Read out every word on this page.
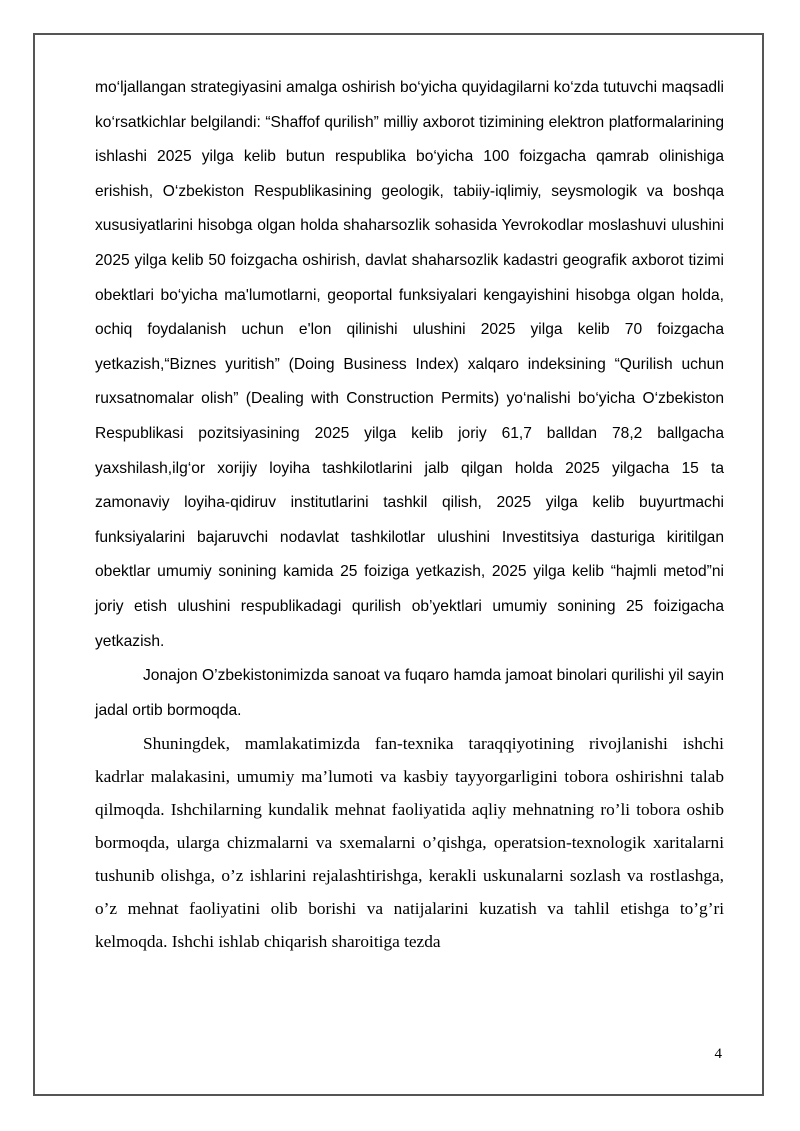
mo‘ljallangan strategiyasini amalga oshirish bo‘yicha quyidagilarni ko‘zda tutuvchi maqsadli ko‘rsatkichlar belgilandi: “Shaffof qurilish” milliy axborot tizimining elektron platformalarining ishlashi 2025 yilga kelib butun respublika bo‘yicha 100 foizgacha qamrab olinishiga erishish, O‘zbekiston Respublikasining geologik, tabiiy-iqlimiy, seysmologik va boshqa xususiyatlarini hisobga olgan holda shaharsozlik sohasida Yevrokodlar moslashuvi ulushini 2025 yilga kelib 50 foizgacha oshirish, davlat shaharsozlik kadastri geografik axborot tizimi obektlari bo‘yicha ma'lumotlarni, geoportal funksiyalari kengayishini hisobga olgan holda, ochiq foydalanish uchun e'lon qilinishi ulushini 2025 yilga kelib 70 foizgacha yetkazish,“Biznes yuritish” (Doing Business Index) xalqaro indeksining “Qurilish uchun ruxsatnomalar olish” (Dealing with Construction Permits) yo‘nalishi bo‘yicha O‘zbekiston Respublikasi pozitsiyasining 2025 yilga kelib joriy 61,7 balldan 78,2 ballgacha yaxshilash,ilg‘or xorijiy loyiha tashkilotlarini jalb qilgan holda 2025 yilgacha 15 ta zamonaviy loyiha-qidiruv institutlarini tashkil qilish, 2025 yilga kelib buyurtmachi funksiyalarini bajaruvchi nodavlat tashkilotlar ulushini Investitsiya dasturiga kiritilgan obektlar umumiy sonining kamida 25 foiziga yetkazish, 2025 yilga kelib “hajmli metod”ni joriy etish ulushini respublikadagi qurilish ob’yektlari umumiy sonining 25 foizigacha yetkazish.

Jonajon O’zbekistonimizda sanoat va fuqaro hamda jamoat binolari qurilishi yil sayin jadal ortib bormoqda.

Shuningdek, mamlakatimizda fan-texnika taraqqiyotining rivojlanishi ishchi kadrlar malakasini, umumiy ma’lumoti va kasbiy tayyorgarligini tobora oshirishni talab qilmoqda. Ishchilarning kundalik mehnat faoliyatida aqliy mehnatning ro’li tobora oshib bormoqda, ularga chizmalarni va sxemalarni o’qishga, operatsion-texnologik xaritalarni tushunib olishga, o’z ishlarini rejalashtirishga, kerakli uskunalarni sozlash va rostlashga, o’z mehnat faoliyatini olib borishi va natijalarini kuzatish va tahlil etishga to’g’ri kelmoqda. Ishchi ishlab chiqarish sharoitiga tezda

4
